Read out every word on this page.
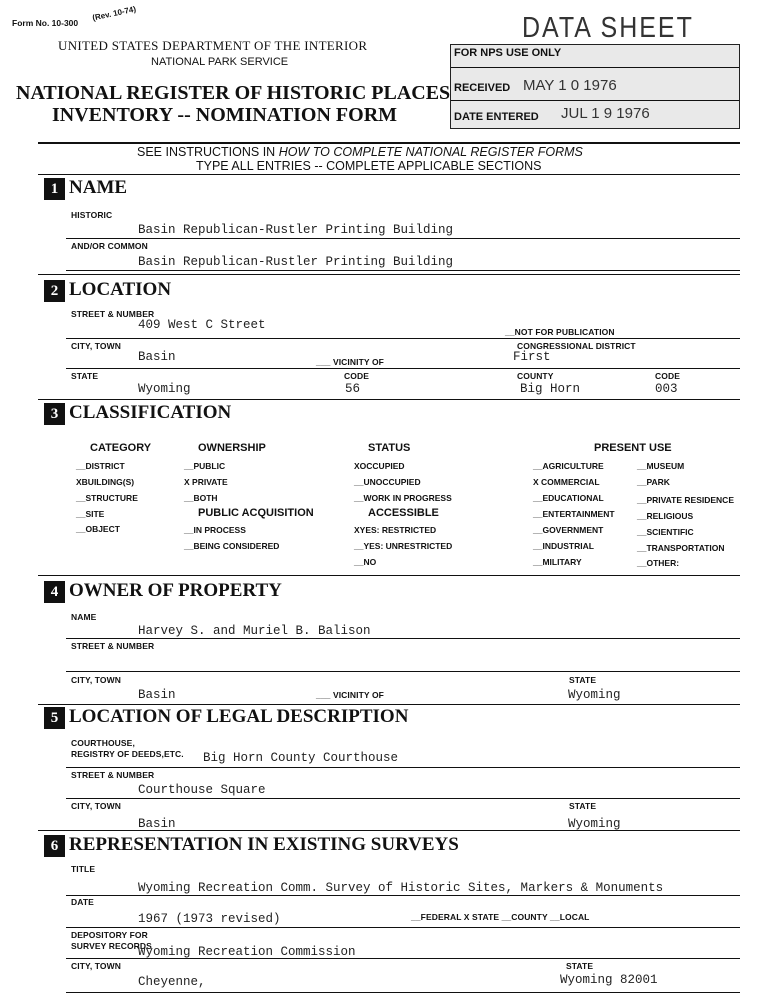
Form No. 10-300
(Rev. 10-74)
UNITED STATES DEPARTMENT OF THE INTERIOR
NATIONAL PARK SERVICE
NATIONAL REGISTER OF HISTORIC PLACES
INVENTORY -- NOMINATION FORM
DATA SHEET
FOR NPS USE ONLY
RECEIVED MAY 1 0 1976
DATE ENTERED JUL 1 9 1976
SEE INSTRUCTIONS IN HOW TO COMPLETE NATIONAL REGISTER FORMS
TYPE ALL ENTRIES -- COMPLETE APPLICABLE SECTIONS
1 NAME
HISTORIC
Basin Republican-Rustler Printing Building
AND/OR COMMON
Basin Republican-Rustler Printing Building
2 LOCATION
STREET & NUMBER
409 West C Street	__NOT FOR PUBLICATION
CITY, TOWN	CONGRESSIONAL DISTRICT
Basin	___ VICINITY OF	First
STATE	CODE	COUNTY	CODE
Wyoming	56	Big Horn	003
3 CLASSIFICATION
CATEGORY
__DISTRICT
XBUILDING(S)
__STRUCTURE
__SITE
__OBJECT
OWNERSHIP
__PUBLIC
X PRIVATE
__BOTH
PUBLIC ACQUISITION
__IN PROCESS
__BEING CONSIDERED
STATUS
XOCCUPIED
__UNOCCUPIED
__WORK IN PROGRESS
ACCESSIBLE
XYES: RESTRICTED
__YES: UNRESTRICTED
__NO
PRESENT USE
__AGRICULTURE
X COMMERCIAL
__EDUCATIONAL
__ENTERTAINMENT
__GOVERNMENT
__INDUSTRIAL
__MILITARY
__MUSEUM
__PARK
__PRIVATE RESIDENCE
__RELIGIOUS
__SCIENTIFIC
__TRANSPORTATION
__OTHER:
4 OWNER OF PROPERTY
NAME
Harvey S. and Muriel B. Balison
STREET & NUMBER
CITY, TOWN	STATE
Basin	___ VICINITY OF	Wyoming
5 LOCATION OF LEGAL DESCRIPTION
COURTHOUSE,
REGISTRY OF DEEDS,ETC. Big Horn County Courthouse
STREET & NUMBER
Courthouse Square
CITY, TOWN	STATE
Basin	Wyoming
6 REPRESENTATION IN EXISTING SURVEYS
TITLE
Wyoming Recreation Comm. Survey of Historic Sites, Markers & Monuments
DATE
1967 (1973 revised)	__FEDERAL X STATE __COUNTY __LOCAL
DEPOSITORY FOR
SURVEY RECORDS
Wyoming Recreation Commission
CITY, TOWN	STATE
Cheyenne,	Wyoming 82001
